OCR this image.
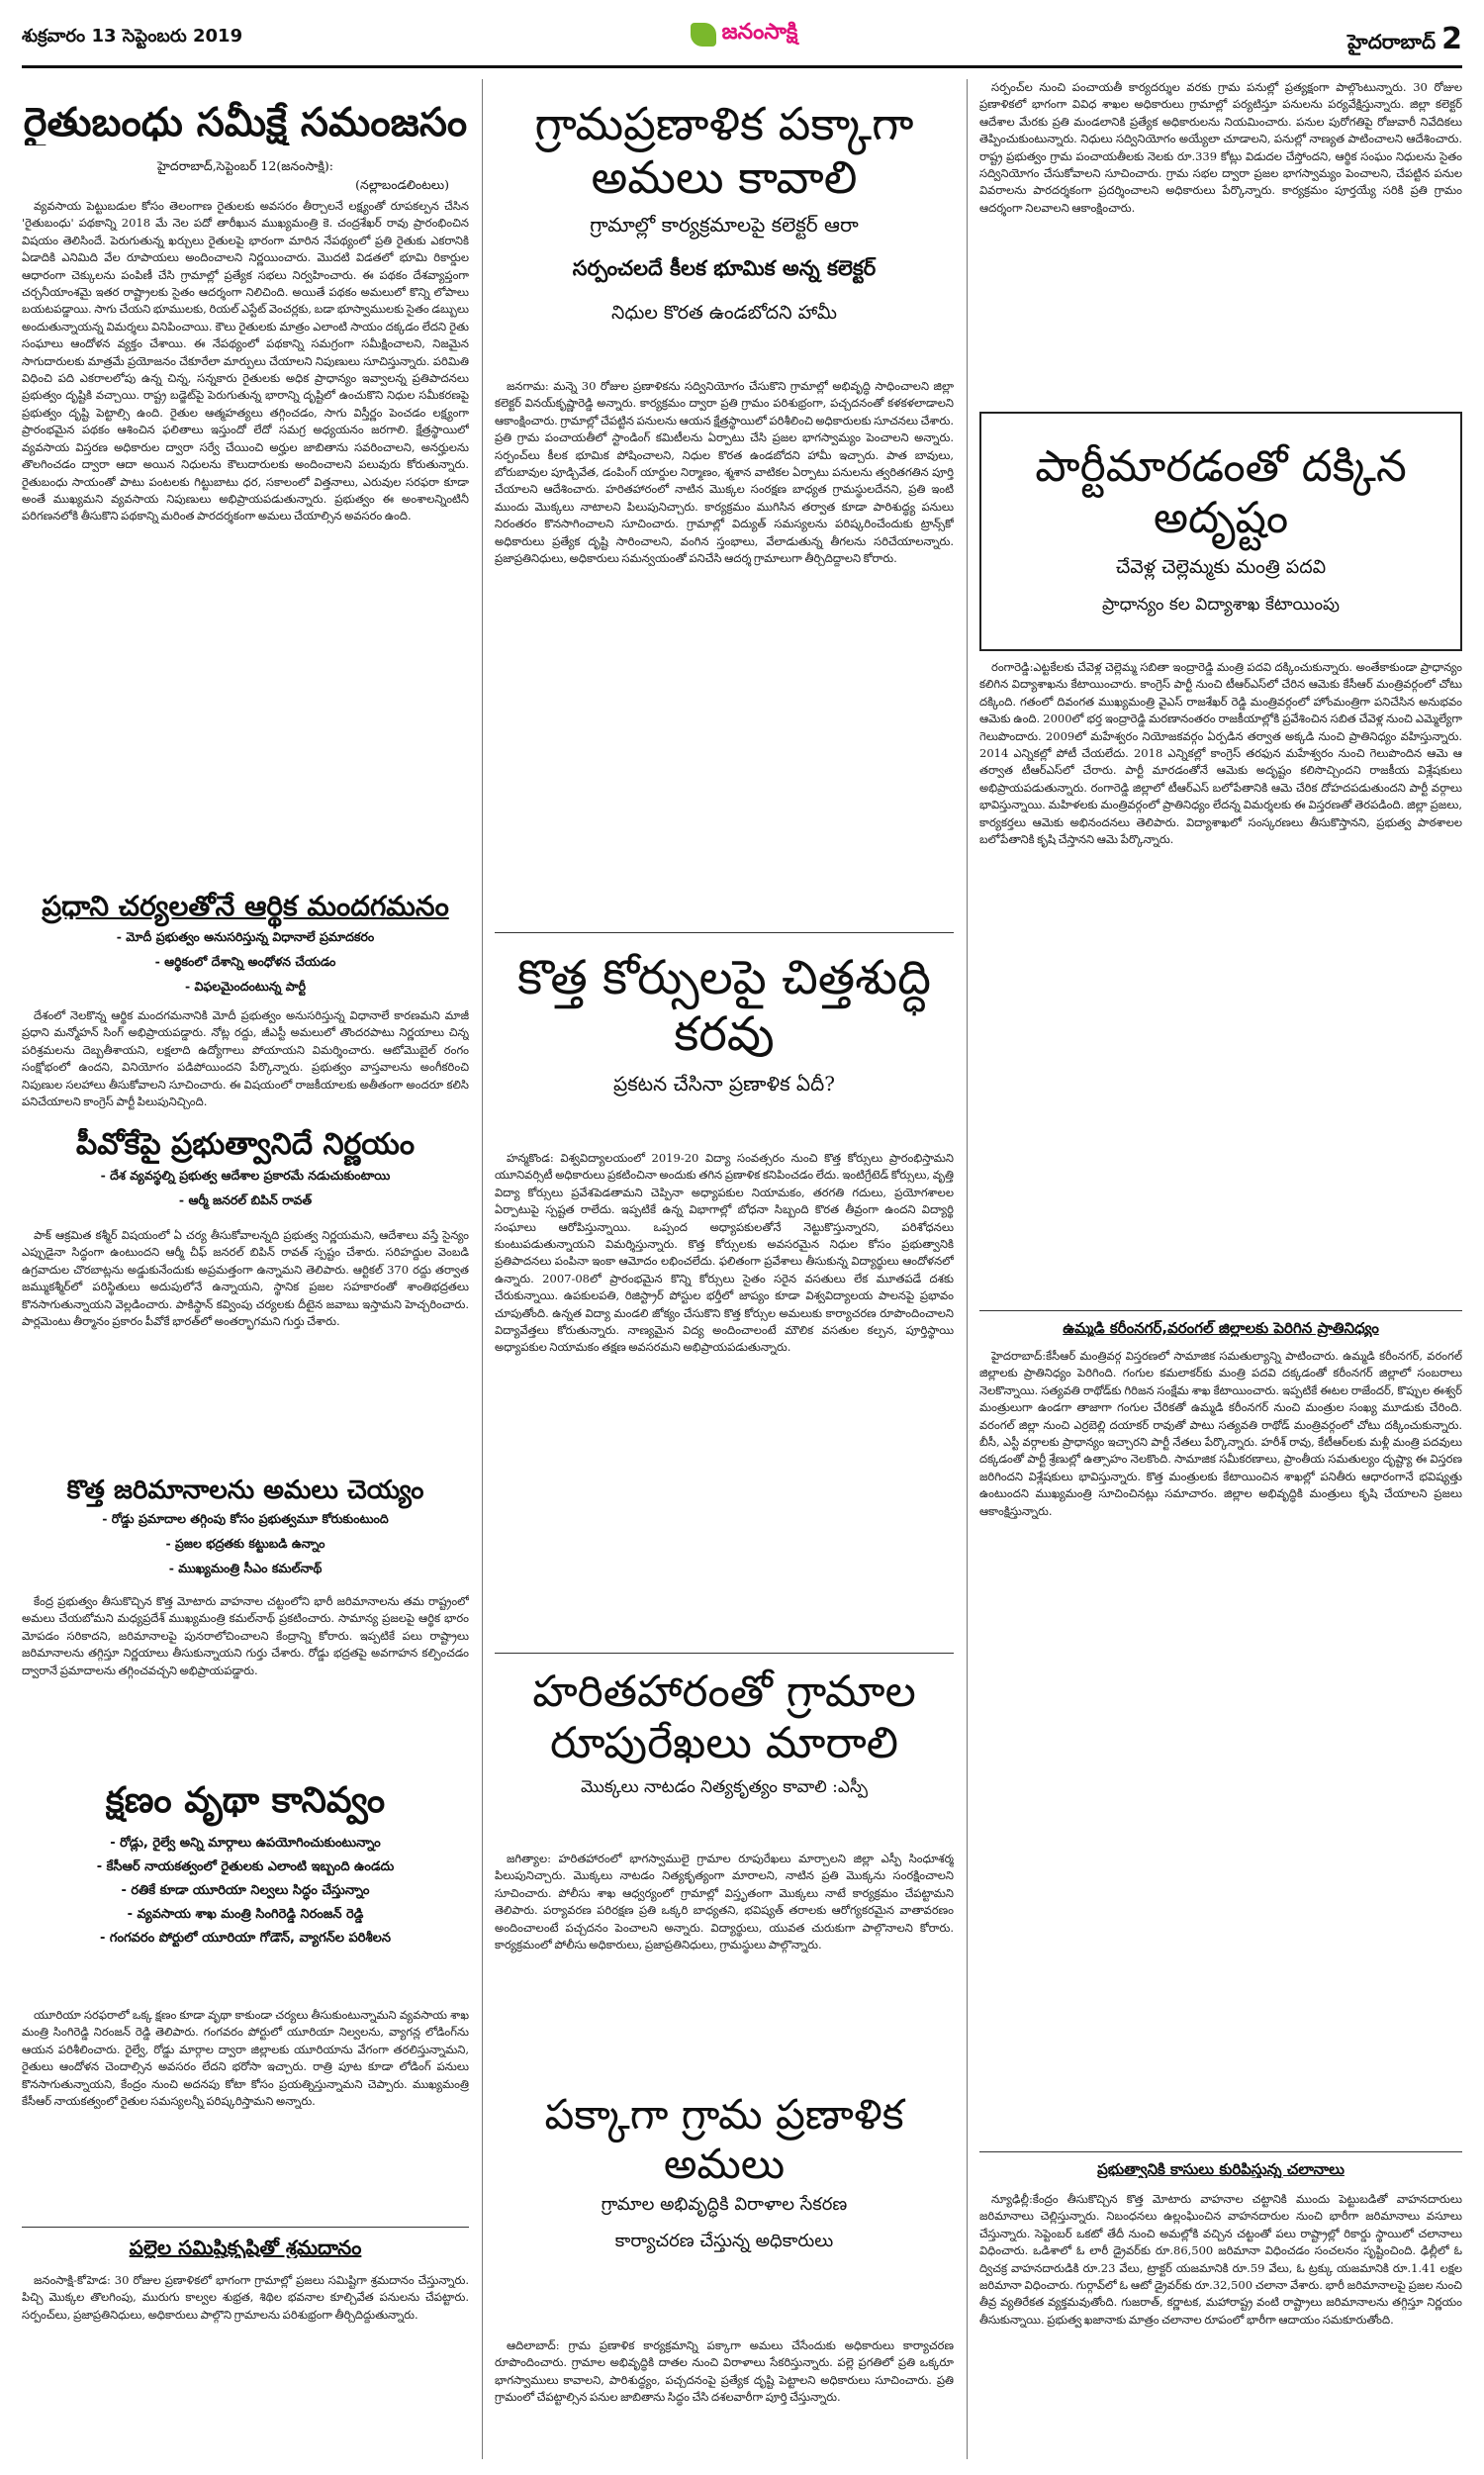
శుక్రవారం 13 సెప్టెంబరు 2019	జనంసాక్షి	హైదరాబాద్ 2
రైతుబంధు సమీక్షే సమంజసం
హైదరాబాద్,సెప్టెంబర్ 12(జనంసాక్షి):
(నల్లాబండలింటలు)

వ్యవసాయ పెట్టుబడుల కోసం తెలంగాణ రైతులకు అవసరం తీర్చాలనే లక్ష్యంతో రూపకల్పన చేసిన 'రైతుబంధు' పథకాన్ని 2018 మే నెల పదో తారీఖున ముఖ్యమంత్రి కె. చంద్రశేఖర్ రావు ప్రారంభించిన విషయం తెలిసిందే. పెరుగుతున్న ఖర్చులు రైతులపై భారంగా మారిన నేపథ్యంలో ప్రతి రైతుకు ఎకరానికి ఏడాదికి ఎనిమిది వేల రూపాయలు అందించాలని నిర్ణయించారు. మొదటి విడతలో భూమి రికార్డుల ఆధారంగా చెక్కులను పంపిణీ చేసి గ్రామాల్లో ప్రత్యేక సభలు నిర్వహించారు. ఈ పథకం దేశవ్యాప్తంగా చర్చనీయాంశమై ఇతర రాష్ట్రాలకు సైతం ఆదర్శంగా నిలిచింది. అయితే పథకం అమలులో కొన్ని లోపాలు బయటపడ్డాయి. సాగు చేయని భూములకు, రియల్ ఎస్టేట్ వెంచర్లకు, బడా భూస్వాములకు సైతం డబ్బులు అందుతున్నాయన్న విమర్శలు వినిపించాయి. కౌలు రైతులకు మాత్రం ఎలాంటి సాయం దక్కడం లేదని రైతు సంఘాలు ఆందోళన వ్యక్తం చేశాయి. ఈ నేపథ్యంలో పథకాన్ని సమగ్రంగా సమీక్షించాలని, నిజమైన సాగుదారులకు మాత్రమే ప్రయోజనం చేకూరేలా మార్పులు చేయాలని నిపుణులు సూచిస్తున్నారు. పరిమితి విధించి పది ఎకరాలలోపు ఉన్న చిన్న, సన్నకారు రైతులకు అధిక ప్రాధాన్యం ఇవ్వాలన్న ప్రతిపాదనలు ప్రభుత్వం దృష్టికి వచ్చాయి. రాష్ట్ర బడ్జెట్‌పై పెరుగుతున్న భారాన్ని దృష్టిలో ఉంచుకొని నిధుల సమీకరణపై ప్రభుత్వం దృష్టి పెట్టాల్సి ఉంది. రైతుల ఆత్మహత్యలు తగ్గించడం, సాగు విస్తీర్ణం పెంచడం లక్ష్యంగా ప్రారంభమైన పథకం ఆశించిన ఫలితాలు ఇస్తుందో లేదో సమగ్ర అధ్యయనం జరగాలి. క్షేత్రస్థాయిలో వ్యవసాయ విస్తరణ అధికారుల ద్వారా సర్వే చేయించి అర్హుల జాబితాను సవరించాలని, అనర్హులను తొలగించడం ద్వారా ఆదా అయిన నిధులను కౌలుదారులకు అందించాలని పలువురు కోరుతున్నారు. రైతుబంధు సాయంతో పాటు పంటలకు గిట్టుబాటు ధర, సకాలంలో విత్తనాలు, ఎరువుల సరఫరా కూడా అంతే ముఖ్యమని వ్యవసాయ నిపుణులు అభిప్రాయపడుతున్నారు. ప్రభుత్వం ఈ అంశాలన్నింటినీ పరిగణనలోకి తీసుకొని పథకాన్ని మరింత పారదర్శకంగా అమలు చేయాల్సిన అవసరం ఉంది.

ప్రధాని చర్యలతోనే ఆర్థిక మందగమనం
- మోదీ ప్రభుత్వం అనుసరిస్తున్న విధానాలే ప్రమాదకరం
- ఆర్థికంలో దేశాన్ని అంధోళన చేయడం
- విఫలమైందంటున్న పార్టీ

దేశంలో నెలకొన్న ఆర్థిక మందగమనానికి మోదీ ప్రభుత్వం అనుసరిస్తున్న విధానాలే కారణమని మాజీ ప్రధాని మన్మోహన్ సింగ్ అభిప్రాయపడ్డారు. నోట్ల రద్దు, జీఎస్టీ అమలులో తొందరపాటు నిర్ణయాలు చిన్న పరిశ్రమలను దెబ్బతీశాయని, లక్షలాది ఉద్యోగాలు పోయాయని విమర్శించారు. ఆటోమొబైల్ రంగం సంక్షోభంలో ఉందని, వినియోగం పడిపోయిందని పేర్కొన్నారు. ప్రభుత్వం వాస్తవాలను అంగీకరించి నిపుణుల సలహాలు తీసుకోవాలని సూచించారు. ఈ విషయంలో రాజకీయాలకు అతీతంగా అందరూ కలిసి పనిచేయాలని కాంగ్రెస్ పార్టీ పిలుపునిచ్చింది.

పీవోకేపై ప్రభుత్వానిదే నిర్ణయం
- దేశ వ్యవస్థల్ని ప్రభుత్వ ఆదేశాల ప్రకారమే నడుచుకుంటాయి
- ఆర్మీ జనరల్ బిపిన్ రావత్

పాక్ ఆక్రమిత కశ్మీర్ విషయంలో ఏ చర్య తీసుకోవాలన్నది ప్రభుత్వ నిర్ణయమని, ఆదేశాలు వస్తే సైన్యం ఎప్పుడైనా సిద్ధంగా ఉంటుందని ఆర్మీ చీఫ్ జనరల్ బిపిన్ రావత్ స్పష్టం చేశారు. సరిహద్దుల వెంబడి ఉగ్రవాదుల చొరబాట్లను అడ్డుకునేందుకు అప్రమత్తంగా ఉన్నామని తెలిపారు. ఆర్టికల్ 370 రద్దు తర్వాత జమ్ముకశ్మీర్‌లో పరిస్థితులు అదుపులోనే ఉన్నాయని, స్థానిక ప్రజల సహకారంతో శాంతిభద్రతలు కొనసాగుతున్నాయని వెల్లడించారు. పాకిస్థాన్ కవ్వింపు చర్యలకు దీటైన జవాబు ఇస్తామని హెచ్చరించారు. పార్లమెంటు తీర్మానం ప్రకారం పీవోకే భారత్‌లో అంతర్భాగమని గుర్తు చేశారు.

కొత్త జరిమానాలను అమలు చెయ్యం
- రోడ్డు ప్రమాదాల తగ్గింపు కోసం ప్రభుత్వమూ కోరుకుంటుంది
- ప్రజల భద్రతకు కట్టుబడి ఉన్నాం
- ముఖ్యమంత్రి సీఎం కమల్‌నాథ్

కేంద్ర ప్రభుత్వం తీసుకొచ్చిన కొత్త మోటారు వాహనాల చట్టంలోని భారీ జరిమానాలను తమ రాష్ట్రంలో అమలు చేయబోమని మధ్యప్రదేశ్ ముఖ్యమంత్రి కమల్‌నాథ్ ప్రకటించారు. సామాన్య ప్రజలపై ఆర్థిక భారం మోపడం సరికాదని, జరిమానాలపై పునరాలోచించాలని కేంద్రాన్ని కోరారు. ఇప్పటికే పలు రాష్ట్రాలు జరిమానాలను తగ్గిస్తూ నిర్ణయాలు తీసుకున్నాయని గుర్తు చేశారు. రోడ్డు భద్రతపై అవగాహన కల్పించడం ద్వారానే ప్రమాదాలను తగ్గించవచ్చని అభిప్రాయపడ్డారు.

క్షణం వృథా కానివ్వం
- రోడ్లు, రైల్వే అన్ని మార్గాలు ఉపయోగించుకుంటున్నాం
- కేసీఆర్ నాయకత్వంలో రైతులకు ఎలాంటి ఇబ్బంది ఉండదు
- రతికే కూడా యూరియా నిల్వలు సిద్ధం చేస్తున్నాం
- వ్యవసాయ శాఖ మంత్రి సింగిరెడ్డి నిరంజన్ రెడ్డి
- గంగవరం పోర్టులో యూరియా గోడౌన్, వ్యాగన్‌ల పరిశీలన

యూరియా సరఫరాలో ఒక్క క్షణం కూడా వృథా కాకుండా చర్యలు తీసుకుంటున్నామని వ్యవసాయ శాఖ మంత్రి సింగిరెడ్డి నిరంజన్ రెడ్డి తెలిపారు. గంగవరం పోర్టులో యూరియా నిల్వలను, వ్యాగన్ల లోడింగ్‌ను ఆయన పరిశీలించారు. రైల్వే, రోడ్డు మార్గాల ద్వారా జిల్లాలకు యూరియాను వేగంగా తరలిస్తున్నామని, రైతులు ఆందోళన చెందాల్సిన అవసరం లేదని భరోసా ఇచ్చారు. రాత్రి పూట కూడా లోడింగ్ పనులు కొనసాగుతున్నాయని, కేంద్రం నుంచి అదనపు కోటా కోసం ప్రయత్నిస్తున్నామని చెప్పారు. ముఖ్యమంత్రి కేసీఆర్ నాయకత్వంలో రైతుల సమస్యలన్నీ పరిష్కరిస్తామని అన్నారు.

పల్లెల సమిష్టికృషితో శ్రమదానం

జనంసాక్షి-కోహెడ: 30 రోజుల ప్రణాళికలో భాగంగా గ్రామాల్లో ప్రజలు సమిష్టిగా శ్రమదానం చేస్తున్నారు. పిచ్చి మొక్కల తొలగింపు, మురుగు కాల్వల శుభ్రత, శిథిల భవనాల కూల్చివేత పనులను చేపట్టారు. సర్పంచ్‌లు, ప్రజాప్రతినిధులు, అధికారులు పాల్గొని గ్రామాలను పరిశుభ్రంగా తీర్చిదిద్దుతున్నారు.

గ్రామప్రణాళిక పక్కాగా అమలు కావాలి
గ్రామాల్లో కార్యక్రమాలపై కలెక్టర్ ఆరా
సర్పంచలదే కీలక భూమిక అన్న కలెక్టర్
నిధుల కొరత ఉండబోదని హామీ

జనగామ: మన్నె 30 రోజుల ప్రణాళికను సద్వినియోగం చేసుకొని గ్రామాల్లో అభివృద్ధి సాధించాలని జిల్లా కలెక్టర్ వినయ్‌కృష్ణారెడ్డి అన్నారు. కార్యక్రమం ద్వారా ప్రతి గ్రామం పరిశుభ్రంగా, పచ్చదనంతో కళకళలాడాలని ఆకాంక్షించారు. గ్రామాల్లో చేపట్టిన పనులను ఆయన క్షేత్రస్థాయిలో పరిశీలించి అధికారులకు సూచనలు చేశారు. ప్రతి గ్రామ పంచాయతీలో స్టాండింగ్ కమిటీలను ఏర్పాటు చేసి ప్రజల భాగస్వామ్యం పెంచాలని అన్నారు. సర్పంచ్‌లు కీలక భూమిక పోషించాలని, నిధుల కొరత ఉండబోదని హామీ ఇచ్చారు. పాత బావులు, బోరుబావుల పూడ్చివేత, డంపింగ్ యార్డుల నిర్మాణం, శ్మశాన వాటికల ఏర్పాటు పనులను త్వరితగతిన పూర్తి చేయాలని ఆదేశించారు. హరితహారంలో నాటిన మొక్కల సంరక్షణ బాధ్యత గ్రామస్థులదేనని, ప్రతి ఇంటి ముందు మొక్కలు నాటాలని పిలుపునిచ్చారు. కార్యక్రమం ముగిసిన తర్వాత కూడా పారిశుద్ధ్య పనులు నిరంతరం కొనసాగించాలని సూచించారు. గ్రామాల్లో విద్యుత్ సమస్యలను పరిష్కరించేందుకు ట్రాన్స్‌కో అధికారులు ప్రత్యేక దృష్టి సారించాలని, వంగిన స్తంభాలు, వేలాడుతున్న తీగలను సరిచేయాలన్నారు. ప్రజాప్రతినిధులు, అధికారులు సమన్వయంతో పనిచేసి ఆదర్శ గ్రామాలుగా తీర్చిదిద్దాలని కోరారు.

కొత్త కోర్సులపై చిత్తశుద్ధి కరవు
ప్రకటన చేసినా ప్రణాళిక ఏదీ?

హన్మకొండ: విశ్వవిద్యాలయంలో 2019-20 విద్యా సంవత్సరం నుంచి కొత్త కోర్సులు ప్రారంభిస్తామని యూనివర్సిటీ అధికారులు ప్రకటించినా అందుకు తగిన ప్రణాళిక కనిపించడం లేదు. ఇంటిగ్రేటెడ్ కోర్సులు, వృత్తి విద్యా కోర్సులు ప్రవేశపెడతామని చెప్పినా అధ్యాపకుల నియామకం, తరగతి గదులు, ప్రయోగశాలల ఏర్పాటుపై స్పష్టత రాలేదు. ఇప్పటికే ఉన్న విభాగాల్లో బోధనా సిబ్బంది కొరత తీవ్రంగా ఉందని విద్యార్థి సంఘాలు ఆరోపిస్తున్నాయి. ఒప్పంద అధ్యాపకులతోనే నెట్టుకొస్తున్నారని, పరిశోధనలు కుంటుపడుతున్నాయని విమర్శిస్తున్నారు. కొత్త కోర్సులకు అవసరమైన నిధుల కోసం ప్రభుత్వానికి ప్రతిపాదనలు పంపినా ఇంకా ఆమోదం లభించలేదు. ఫలితంగా ప్రవేశాలు తీసుకున్న విద్యార్థులు ఆందోళనలో ఉన్నారు. 2007-08లో ప్రారంభమైన కొన్ని కోర్సులు సైతం సరైన వసతులు లేక మూతపడే దశకు చేరుకున్నాయి. ఉపకులపతి, రిజిస్ట్రార్ పోస్టుల భర్తీలో జాప్యం కూడా విశ్వవిద్యాలయ పాలనపై ప్రభావం చూపుతోంది. ఉన్నత విద్యా మండలి జోక్యం చేసుకొని కొత్త కోర్సుల అమలుకు కార్యాచరణ రూపొందించాలని విద్యావేత్తలు కోరుతున్నారు. నాణ్యమైన విద్య అందించాలంటే మౌలిక వసతుల కల్పన, పూర్తిస్థాయి అధ్యాపకుల నియామకం తక్షణ అవసరమని అభిప్రాయపడుతున్నారు.

హరితహారంతో గ్రామాల రూపురేఖలు మారాలి
మొక్కలు నాటడం నిత్యకృత్యం కావాలి :ఎస్పీ

జగిత్యాల: హరితహారంలో భాగస్వాములై గ్రామాల రూపురేఖలు మార్చాలని జిల్లా ఎస్పీ సింధూశర్మ పిలుపునిచ్చారు. మొక్కలు నాటడం నిత్యకృత్యంగా మారాలని, నాటిన ప్రతి మొక్కను సంరక్షించాలని సూచించారు. పోలీసు శాఖ ఆధ్వర్యంలో గ్రామాల్లో విస్తృతంగా మొక్కలు నాటే కార్యక్రమం చేపట్టామని తెలిపారు. పర్యావరణ పరిరక్షణ ప్రతి ఒక్కరి బాధ్యతని, భవిష్యత్ తరాలకు ఆరోగ్యకరమైన వాతావరణం అందించాలంటే పచ్చదనం పెంచాలని అన్నారు. విద్యార్థులు, యువత చురుకుగా పాల్గొనాలని కోరారు. కార్యక్రమంలో పోలీసు అధికారులు, ప్రజాప్రతినిధులు, గ్రామస్థులు పాల్గొన్నారు.

పక్కాగా గ్రామ ప్రణాళిక అమలు
గ్రామాల అభివృద్ధికి విరాళాల సేకరణ
కార్యాచరణ చేస్తున్న అధికారులు

ఆదిలాబాద్: గ్రామ ప్రణాళిక కార్యక్రమాన్ని పక్కాగా అమలు చేసేందుకు అధికారులు కార్యాచరణ రూపొందించారు. గ్రామాల అభివృద్ధికి దాతల నుంచి విరాళాలు సేకరిస్తున్నారు. పల్లె ప్రగతిలో ప్రతి ఒక్కరూ భాగస్వాములు కావాలని, పారిశుద్ధ్యం, పచ్చదనంపై ప్రత్యేక దృష్టి పెట్టాలని అధికారులు సూచించారు. ప్రతి గ్రామంలో చేపట్టాల్సిన పనుల జాబితాను సిద్ధం చేసి దశలవారీగా పూర్తి చేస్తున్నారు.

సర్పంచ్‌ల నుంచి పంచాయతీ కార్యదర్శుల వరకు గ్రామ పనుల్లో ప్రత్యక్షంగా పాల్గొంటున్నారు. 30 రోజుల ప్రణాళికలో భాగంగా వివిధ శాఖల అధికారులు గ్రామాల్లో పర్యటిస్తూ పనులను పర్యవేక్షిస్తున్నారు. జిల్లా కలెక్టర్ ఆదేశాల మేరకు ప్రతి మండలానికి ప్రత్యేక అధికారులను నియమించారు. పనుల పురోగతిపై రోజువారీ నివేదికలు తెప్పించుకుంటున్నారు. నిధులు సద్వినియోగం అయ్యేలా చూడాలని, పనుల్లో నాణ్యత పాటించాలని ఆదేశించారు. రాష్ట్ర ప్రభుత్వం గ్రామ పంచాయతీలకు నెలకు రూ.339 కోట్లు విడుదల చేస్తోందని, ఆర్థిక సంఘం నిధులను సైతం సద్వినియోగం చేసుకోవాలని సూచించారు. గ్రామ సభల ద్వారా ప్రజల భాగస్వామ్యం పెంచాలని, చేపట్టిన పనుల వివరాలను పారదర్శకంగా ప్రదర్శించాలని అధికారులు పేర్కొన్నారు. కార్యక్రమం పూర్తయ్యే సరికి ప్రతి గ్రామం ఆదర్శంగా నిలవాలని ఆకాంక్షించారు.

పార్టీమారడంతో దక్కిన అదృష్టం
చేవెళ్ల చెల్లెమ్మకు మంత్రి పదవి
ప్రాధాన్యం కల విద్యాశాఖ కేటాయింపు

రంగారెడ్డి:ఎట్టకేలకు చేవెళ్ల చెల్లెమ్మ సబితా ఇంద్రారెడ్డి మంత్రి పదవి దక్కించుకున్నారు. అంతేకాకుండా ప్రాధాన్యం కలిగిన విద్యాశాఖను కేటాయించారు. కాంగ్రెస్ పార్టీ నుంచి టీఆర్ఎస్‌లో చేరిన ఆమెకు కేసీఆర్ మంత్రివర్గంలో చోటు దక్కింది. గతంలో దివంగత ముఖ్యమంత్రి వైఎస్ రాజశేఖర్ రెడ్డి మంత్రివర్గంలో హోంమంత్రిగా పనిచేసిన అనుభవం ఆమెకు ఉంది. 2000లో భర్త ఇంద్రారెడ్డి మరణానంతరం రాజకీయాల్లోకి ప్రవేశించిన సబిత చేవెళ్ల నుంచి ఎమ్మెల్యేగా గెలుపొందారు. 2009లో మహేశ్వరం నియోజకవర్గం ఏర్పడిన తర్వాత అక్కడి నుంచి ప్రాతినిధ్యం వహిస్తున్నారు. 2014 ఎన్నికల్లో పోటీ చేయలేదు. 2018 ఎన్నికల్లో కాంగ్రెస్ తరఫున మహేశ్వరం నుంచి గెలుపొందిన ఆమె ఆ తర్వాత టీఆర్ఎస్‌లో చేరారు. పార్టీ మారడంతోనే ఆమెకు అదృష్టం కలిసొచ్చిందని రాజకీయ విశ్లేషకులు అభిప్రాయపడుతున్నారు. రంగారెడ్డి జిల్లాలో టీఆర్ఎస్ బలోపేతానికి ఆమె చేరిక దోహదపడుతుందని పార్టీ వర్గాలు భావిస్తున్నాయి. మహిళలకు మంత్రివర్గంలో ప్రాతినిధ్యం లేదన్న విమర్శలకు ఈ విస్తరణతో తెరపడింది. జిల్లా ప్రజలు, కార్యకర్తలు ఆమెకు అభినందనలు తెలిపారు. విద్యాశాఖలో సంస్కరణలు తీసుకొస్తానని, ప్రభుత్వ పాఠశాలల బలోపేతానికి కృషి చేస్తానని ఆమె పేర్కొన్నారు.

ఉమ్మడి కరీంనగర్,వరంగల్ జిల్లాలకు పెరిగిన ప్రాతినిధ్యం

హైదరాబాద్:కేసీఆర్ మంత్రివర్గ విస్తరణలో సామాజిక సమతుల్యాన్ని పాటించారు. ఉమ్మడి కరీంనగర్, వరంగల్ జిల్లాలకు ప్రాతినిధ్యం పెరిగింది. గంగుల కమలాకర్‌కు మంత్రి పదవి దక్కడంతో కరీంనగర్ జిల్లాలో సంబరాలు నెలకొన్నాయి. సత్యవతి రాథోడ్‌కు గిరిజన సంక్షేమ శాఖ కేటాయించారు. ఇప్పటికే ఈటల రాజేందర్, కొప్పుల ఈశ్వర్ మంత్రులుగా ఉండగా తాజాగా గంగుల చేరికతో ఉమ్మడి కరీంనగర్ నుంచి మంత్రుల సంఖ్య మూడుకు చేరింది. వరంగల్ జిల్లా నుంచి ఎర్రబెల్లి దయాకర్ రావుతో పాటు సత్యవతి రాథోడ్ మంత్రివర్గంలో చోటు దక్కించుకున్నారు. బీసీ, ఎస్టీ వర్గాలకు ప్రాధాన్యం ఇచ్చారని పార్టీ నేతలు పేర్కొన్నారు. హరీశ్ రావు, కేటీఆర్‌లకు మళ్లీ మంత్రి పదవులు దక్కడంతో పార్టీ శ్రేణుల్లో ఉత్సాహం నెలకొంది. సామాజిక సమీకరణాలు, ప్రాంతీయ సమతుల్యం దృష్ట్యా ఈ విస్తరణ జరిగిందని విశ్లేషకులు భావిస్తున్నారు. కొత్త మంత్రులకు కేటాయించిన శాఖల్లో పనితీరు ఆధారంగానే భవిష్యత్తు ఉంటుందని ముఖ్యమంత్రి సూచించినట్లు సమాచారం. జిల్లాల అభివృద్ధికి మంత్రులు కృషి చేయాలని ప్రజలు ఆకాంక్షిస్తున్నారు.

ప్రభుత్వానికి కాసులు కురిపిస్తున్న చలానాలు

న్యూఢిల్లీ:కేంద్రం తీసుకొచ్చిన కొత్త మోటారు వాహనాల చట్టానికి ముందు పెట్టుబడితో వాహనదారులు జరిమానాలు చెల్లిస్తున్నారు. నిబంధనలు ఉల్లంఘించిన వాహనదారుల నుంచి భారీగా జరిమానాలు వసూలు చేస్తున్నారు. సెప్టెంబర్ ఒకటో తేదీ నుంచి అమల్లోకి వచ్చిన చట్టంతో పలు రాష్ట్రాల్లో రికార్డు స్థాయిలో చలానాలు విధించారు. ఒడిశాలో ఓ లారీ డ్రైవర్‌కు రూ.86,500 జరిమానా విధించడం సంచలనం సృష్టించింది. ఢిల్లీలో ఓ ద్విచక్ర వాహనదారుడికి రూ.23 వేలు, ట్రాక్టర్ యజమానికి రూ.59 వేలు, ఓ ట్రక్కు యజమానికి రూ.1.41 లక్షల జరిమానా విధించారు. గుర్గావ్‌లో ఓ ఆటో డ్రైవర్‌కు రూ.32,500 చలానా వేశారు. భారీ జరిమానాలపై ప్రజల నుంచి తీవ్ర వ్యతిరేకత వ్యక్తమవుతోంది. గుజరాత్, కర్ణాటక, మహారాష్ట్ర వంటి రాష్ట్రాలు జరిమానాలను తగ్గిస్తూ నిర్ణయం తీసుకున్నాయి. ప్రభుత్వ ఖజానాకు మాత్రం చలానాల రూపంలో భారీగా ఆదాయం సమకూరుతోంది.
